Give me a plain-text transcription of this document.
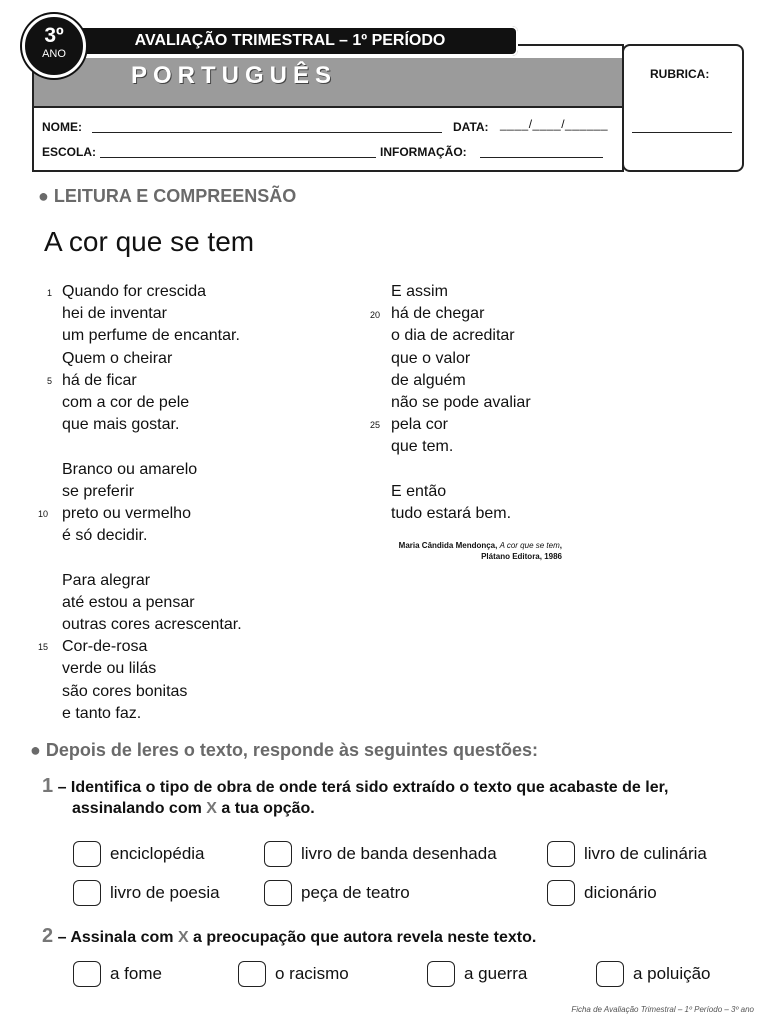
PORTUGUÊS
3º
ANO
AVALIAÇÃO TRIMESTRAL – 1º PERÍODO
NOME:	DATA: ____/____/______
ESCOLA:	INFORMAÇÃO:
RUBRICA:
● LEITURA E COMPREENSÃO
A cor que se tem
Quando for crescida
hei de inventar
um perfume de encantar.
Quem o cheirar
há de ficar
com a cor de pele
que mais gostar.
Branco ou amarelo
se preferir
preto ou vermelho
é só decidir.
Para alegrar
até estou a pensar
outras cores acrescentar.
Cor-de-rosa
verde ou lilás
são cores bonitas
e tanto faz.
1
5
10
15
E assim
há de chegar
o dia de acreditar
que o valor
de alguém
não se pode avaliar
pela cor
que tem.
E então
tudo estará bem.
20
25
Maria Cândida Mendonça, A cor que se tem,
Plátano Editora, 1986
● Depois de leres o texto, responde às seguintes questões:
1 – Identifica o tipo de obra de onde terá sido extraído o texto que acabaste de ler,
assinalando com X a tua opção.
enciclopédia	livro de banda desenhada	livro de culinária
livro de poesia	peça de teatro	dicionário
2 – Assinala com X a preocupação que autora revela neste texto.
a fome	o racismo	a guerra	a poluição
Ficha de Avaliação Trimestral – 1º Período – 3º ano
